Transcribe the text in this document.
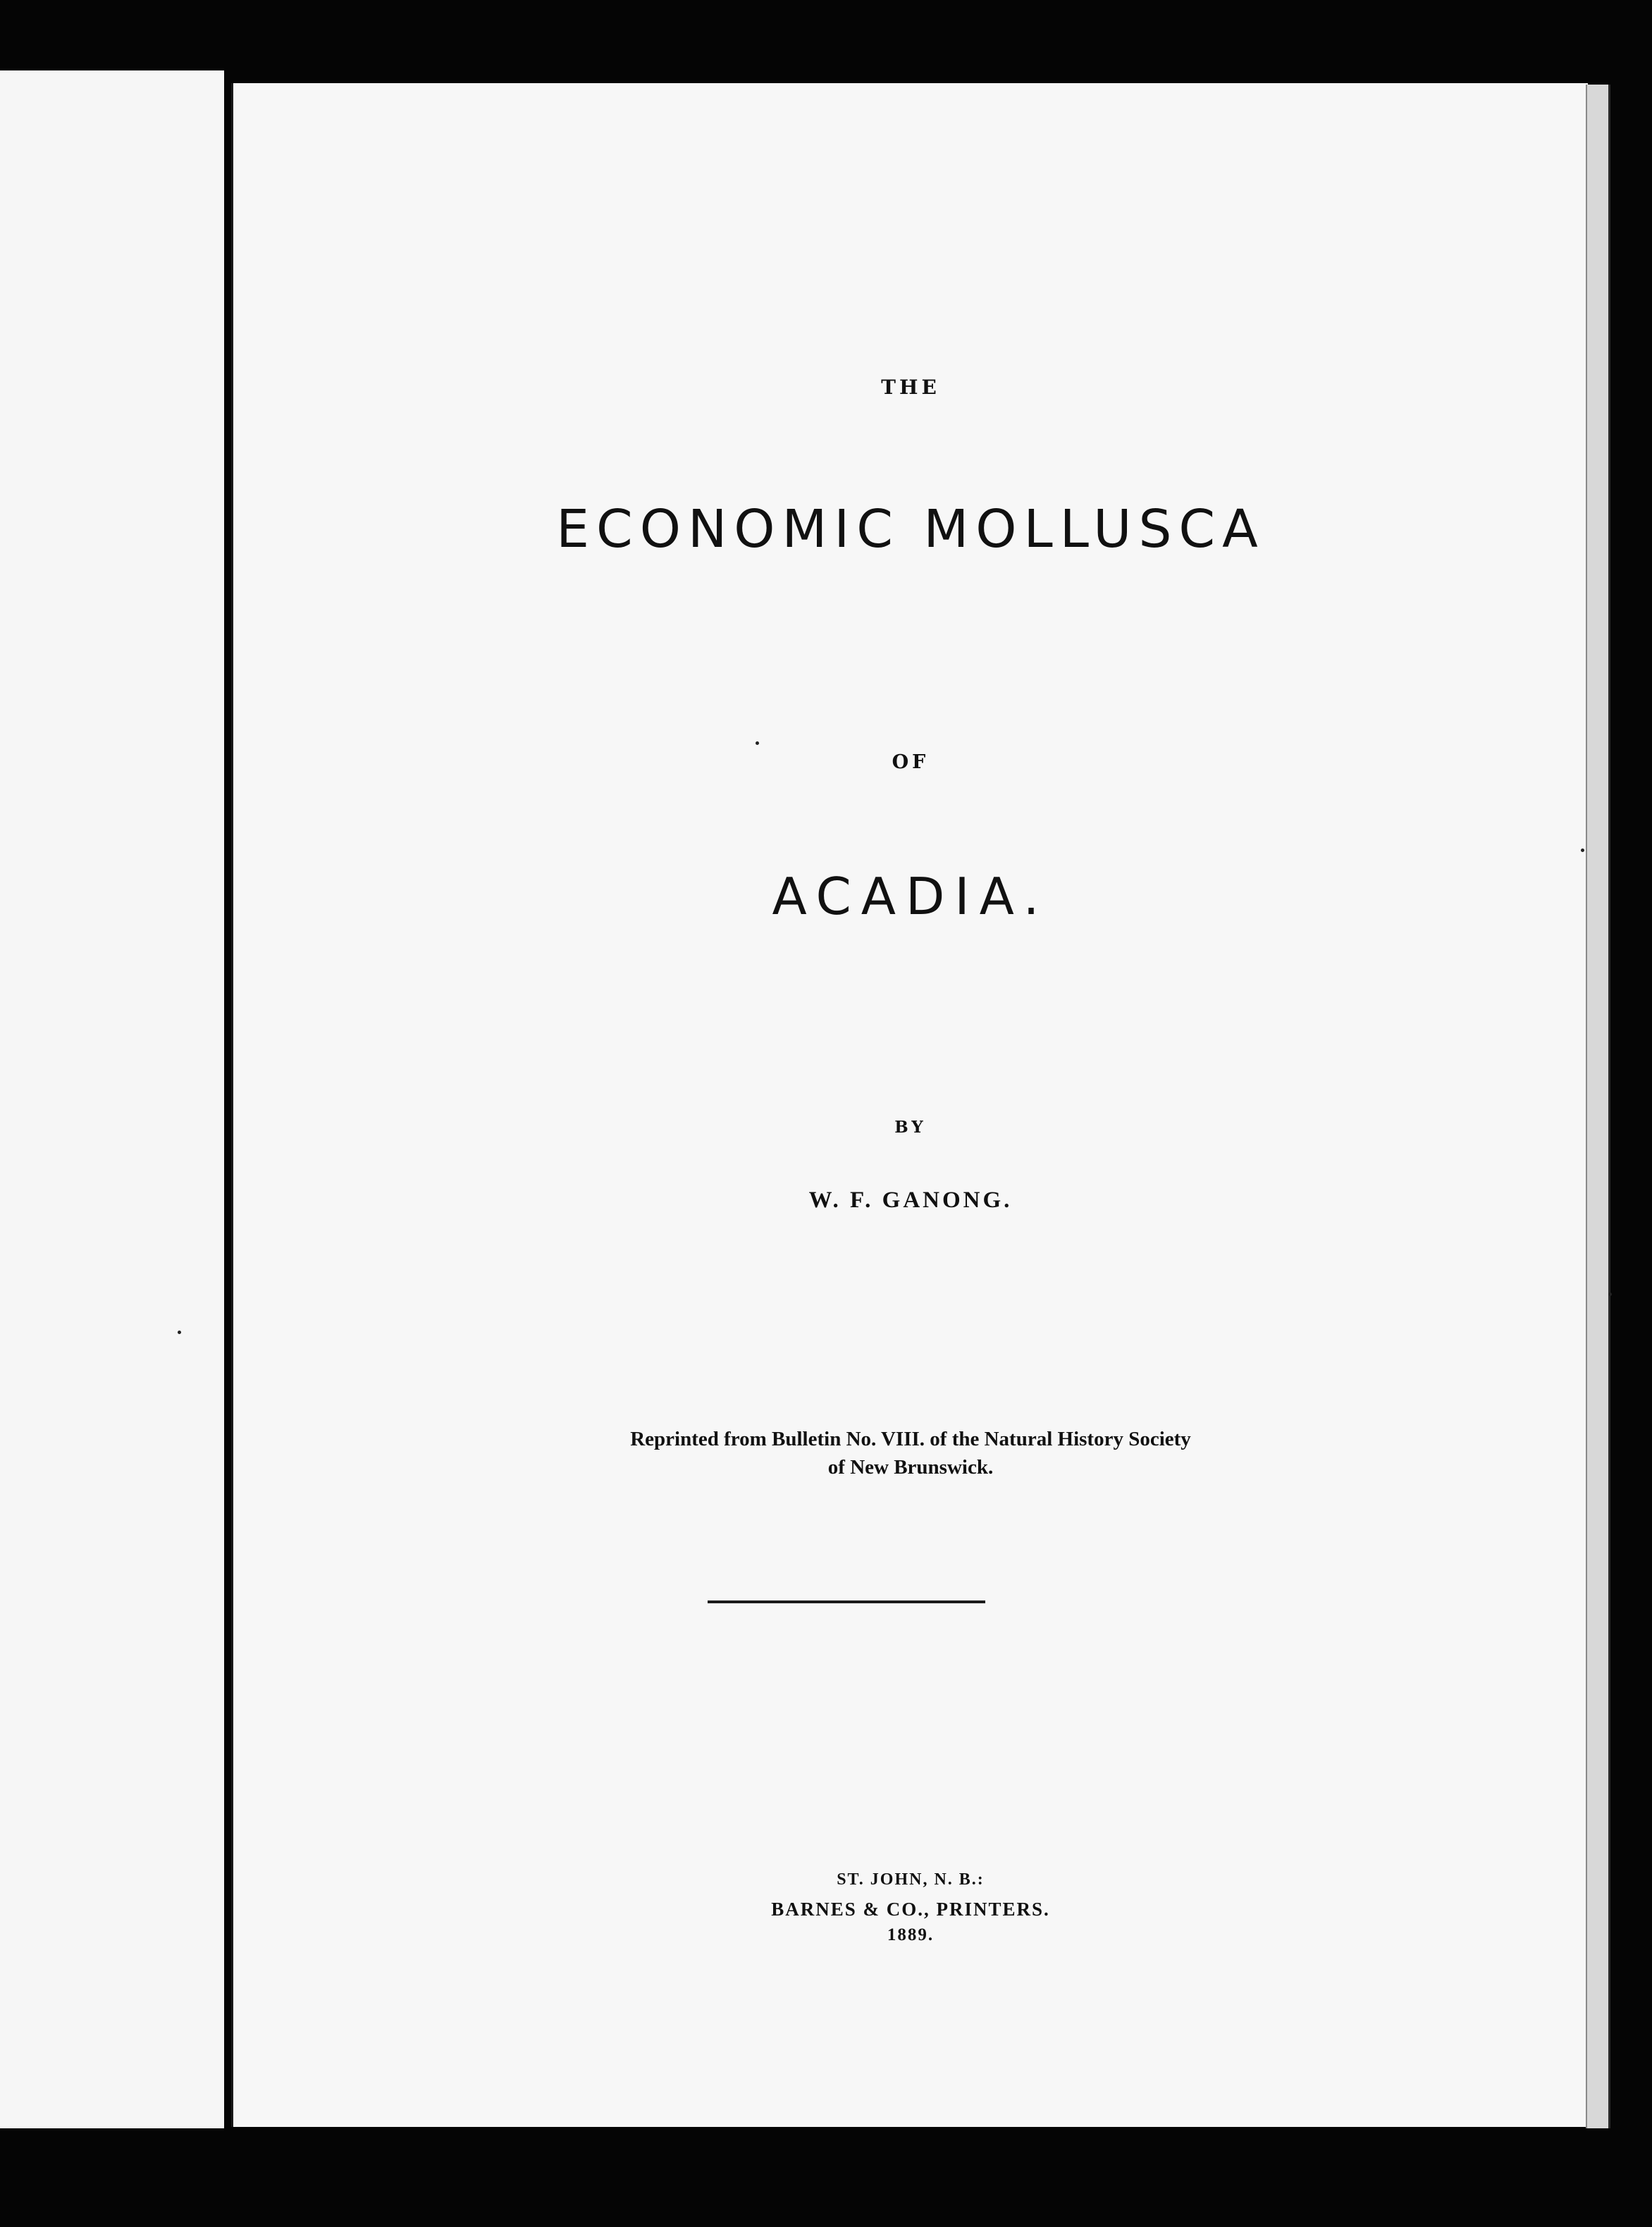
THE
ECONOMIC MOLLUSCA
OF
ACADIA.
BY
W. F. GANONG.
Reprinted from Bulletin No. VIII. of the Natural History Society
of New Brunswick.
ST. JOHN, N. B.:
BARNES & CO., PRINTERS.
1889.
